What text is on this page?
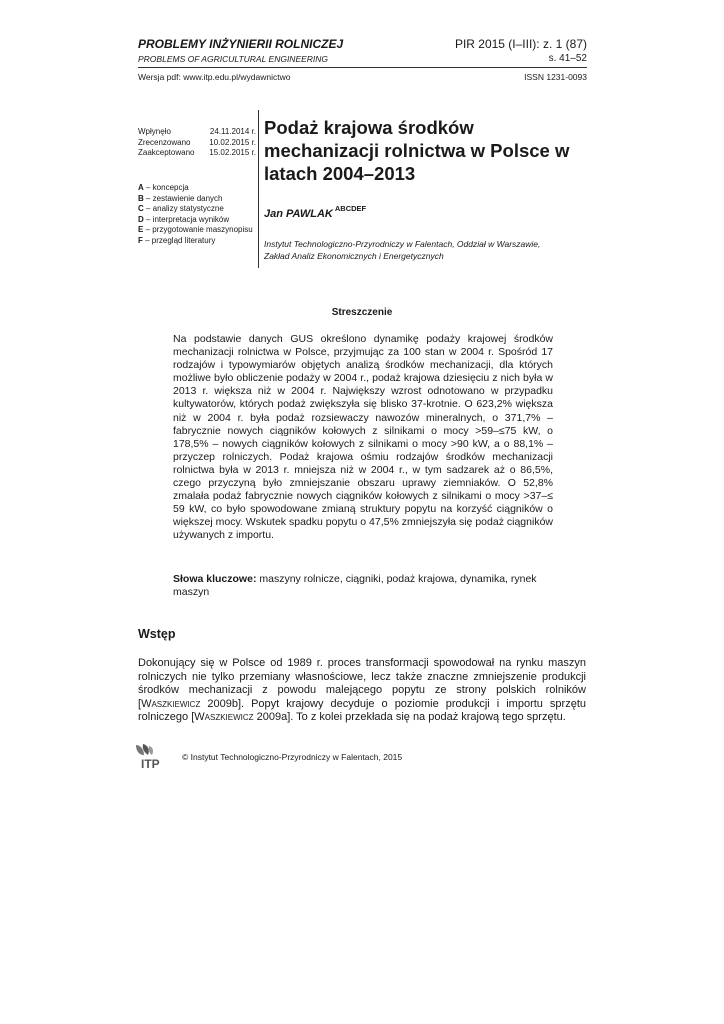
PROBLEMY INŻYNIERII ROLNICZEJ
PROBLEMS OF AGRICULTURAL ENGINEERING
PIR 2015 (I–III): z. 1 (87)
s. 41–52
Wersja pdf: www.itp.edu.pl/wydawnictwo	ISSN 1231-0093
Wpłynęło	24.11.2014 r.
Zrecenzowano 10.02.2015 r.
Zaakceptowano 15.02.2015 r.
A – koncepcja
B – zestawienie danych
C – analizy statystyczne
D – interpretacja wyników
E – przygotowanie maszynopisu
F – przegląd literatury
Podaż krajowa środków mechanizacji rolnictwa w Polsce w latach 2004–2013
Jan PAWLAK $^{ABCDEF}$
Instytut Technologiczno-Przyrodniczy w Falentach, Oddział w Warszawie,
Zakład Analiz Ekonomicznych i Energetycznych
Streszczenie
Na podstawie danych GUS określono dynamikę podaży krajowej środków mechanizacji rolnictwa w Polsce, przyjmując za 100 stan w 2004 r. Spośród 17 rodzajów i typowymiarów objętych analizą środków mechanizacji, dla których możliwe było obliczenie podaży w 2004 r., podaż krajowa dziesięciu z nich była w 2013 r. większa niż w 2004 r. Największy wzrost odnotowano w przypadku kultywatorów, których podaż zwiększyła się blisko 37-krotnie. O 623,2% większa niż w 2004 r. była podaż rozsiewaczy nawozów mineralnych, o 371,7% – fabrycznie nowych ciągników kołowych z silnikami o mocy >59–≤75 kW, o 178,5% – nowych ciągników kołowych z silnikami o mocy >90 kW, a o 88,1% – przyczep rolniczych. Podaż krajowa ośmiu rodzajów środków mechanizacji rolnictwa była w 2013 r. mniejsza niż w 2004 r., w tym sadzarek aż o 86,5%, czego przyczyną było zmniejszanie obszaru uprawy ziemniaków. O 52,8% zmalała podaż fabrycznie nowych ciągników kołowych z silnikami o mocy >37–≤ 59 kW, co było spowodowane zmianą struktury popytu na korzyść ciągników o większej mocy. Wskutek spadku popytu o 47,5% zmniejszyła się podaż ciągników używanych z importu.
Słowa kluczowe: maszyny rolnicze, ciągniki, podaż krajowa, dynamika, rynek maszyn
Wstęp
Dokonujący się w Polsce od 1989 r. proces transformacji spowodował na rynku maszyn rolniczych nie tylko przemiany własnościowe, lecz także znaczne zmniejszenie produkcji środków mechanizacji z powodu malejącego popytu ze strony polskich rolników [Waszkiewicz 2009b]. Popyt krajowy decyduje o poziomie produkcji i importu sprzętu rolniczego [Waszkiewicz 2009a]. To z kolei przekłada się na podaż krajową tego sprzętu.
ITP	© Instytut Technologiczno-Przyrodniczy w Falentach, 2015
